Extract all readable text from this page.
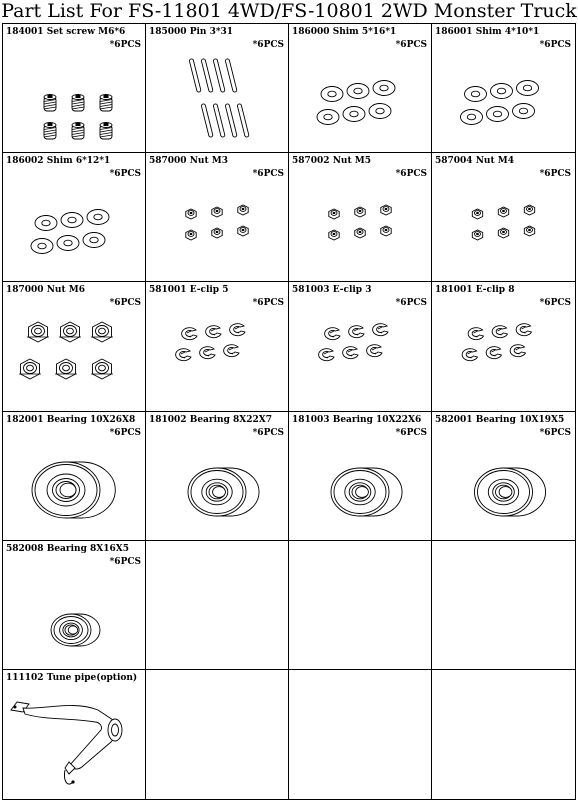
Part List For FS-11801 4WD/FS-10801 2WD Monster Truck
184001 Set screw M6*6
*6PCS
185000 Pin 3*31
*6PCS
186000 Shim 5*16*1
*6PCS
186001 Shim 4*10*1
*6PCS
186002 Shim 6*12*1
*6PCS
587000 Nut M3
*6PCS
587002 Nut M5
*6PCS
587004 Nut M4
*6PCS
187000 Nut M6
*6PCS
581001 E-clip 5
*6PCS
581003 E-clip 3
*6PCS
181001 E-clip 8
*6PCS
182001 Bearing 10X26X8
*6PCS
181002 Bearing 8X22X7
*6PCS
181003 Bearing 10X22X6
*6PCS
582001 Bearing 10X19X5
*6PCS
582008 Bearing 8X16X5
*6PCS
111102 Tune pipe(option)
